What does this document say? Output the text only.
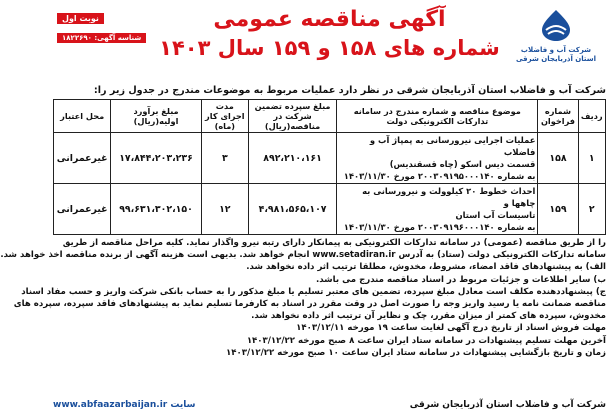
شرکت آب و فاضلاب
استان آذربایجان شرقی
آگهی مناقصه عمومی
شماره های ۱۵۸ و ۱۵۹ سال ۱۴۰۳
نوبت اول
شناسه آگهی: ۱۸۲۲۶۹۰
شرکت آب و فاضلاب استان آذربایجان شرقی در نظر دارد عملیات مربوط به موضوعات مندرج در جدول زیر را:
ردیف	شماره فراخوان	موضوع مناقصه و شماره مندرج در سامانه تدارکات الکترونیکی دولت	مبلغ سپرده تضمین شرکت در مناقصه(ریال)	مدت اجرای کار (ماه)	مبلغ برآورد اولیه(ریال)	محل اعتبار
۱	۱۵۸	عملیات اجرایی نیرورسانی به پمپاژ آب و فاضلاب
قسمت دیس اسکو (چاه قسقندیس)
به شماره ۲۰۰۳۰۹۱۹۵۰۰۰۱۴۰ مورخ ۱۴۰۳/۱۱/۳۰	۸۹۲،۲۱۰،۱۶۱	۳	۱۷،۸۴۴،۲۰۳،۲۳۶	غیرعمرانی
۲	۱۵۹	احداث خطوط ۲۰ کیلوولت و نیرورسانی به چاهها و
تاسیسات آب استان
به شماره ۲۰۰۳۰۹۱۹۶۰۰۰۱۴۰ مورخ ۱۴۰۳/۱۱/۳۰	۴،۹۸۱،۵۶۵،۱۰۷	۱۲	۹۹،۶۳۱،۳۰۲،۱۵۰	غیرعمرانی

را از طریق مناقصه (عمومی) در سامانه تدارکات الکترونیکی به پیمانکار دارای رتبه نیرو واگذار نماید. کلیه مراحل مناقصه از طریق

سامانه تدارکات الکترونیکی دولت (ستاد) به آدرس www.setadiran.ir انجام خواهد شد. بدیهی است هزینه آگهی از برنده مناقصه اخذ خواهد شد.

الف) به پیشنهادهای فاقد امضاء، مشروط، مخدوش، مطلقا ترتیب اثر داده نخواهد شد.

ب) سایر اطلاعات و جزئیات مربوط در اسناد مناقصه مندرج می باشد.

ج) پیشنهاددهنده مکلف است معادل مبلغ سپرده، تضمین های معتبر تسلیم یا مبلغ مذکور را به حساب بانکی شرکت واریز و حسب مفاد اسناد

مناقصه ضمانت نامه یا رسید واریز وجه را صورت اصل در وقت مقرر در اسناد به کارفرما تسلیم نماید به پیشنهادهای فاقد سپرده، سپرده های

مخدوش، سپرده های کمتر از میزان مقرر، چک و نظایر آن ترتیب اثر داده نخواهد شد.

مهلت فروش اسناد از تاریخ درج آگهی لغایت ساعت ۱۹ مورخه ۱۴۰۳/۱۲/۱۱

آخرین مهلت تسلیم پیشنهادات در سامانه ستاد ایران ساعت ۸ صبح مورخه ۱۴۰۳/۱۲/۲۲

زمان و تاریخ بازگشایی پیشنهادات در سامانه ستاد ایران ساعت ۱۰ صبح مورخه ۱۴۰۳/۱۲/۲۲

شرکت آب و فاضلاب استان آذربایجان شرقی
www.abfaazarbaijan.ir سایت
